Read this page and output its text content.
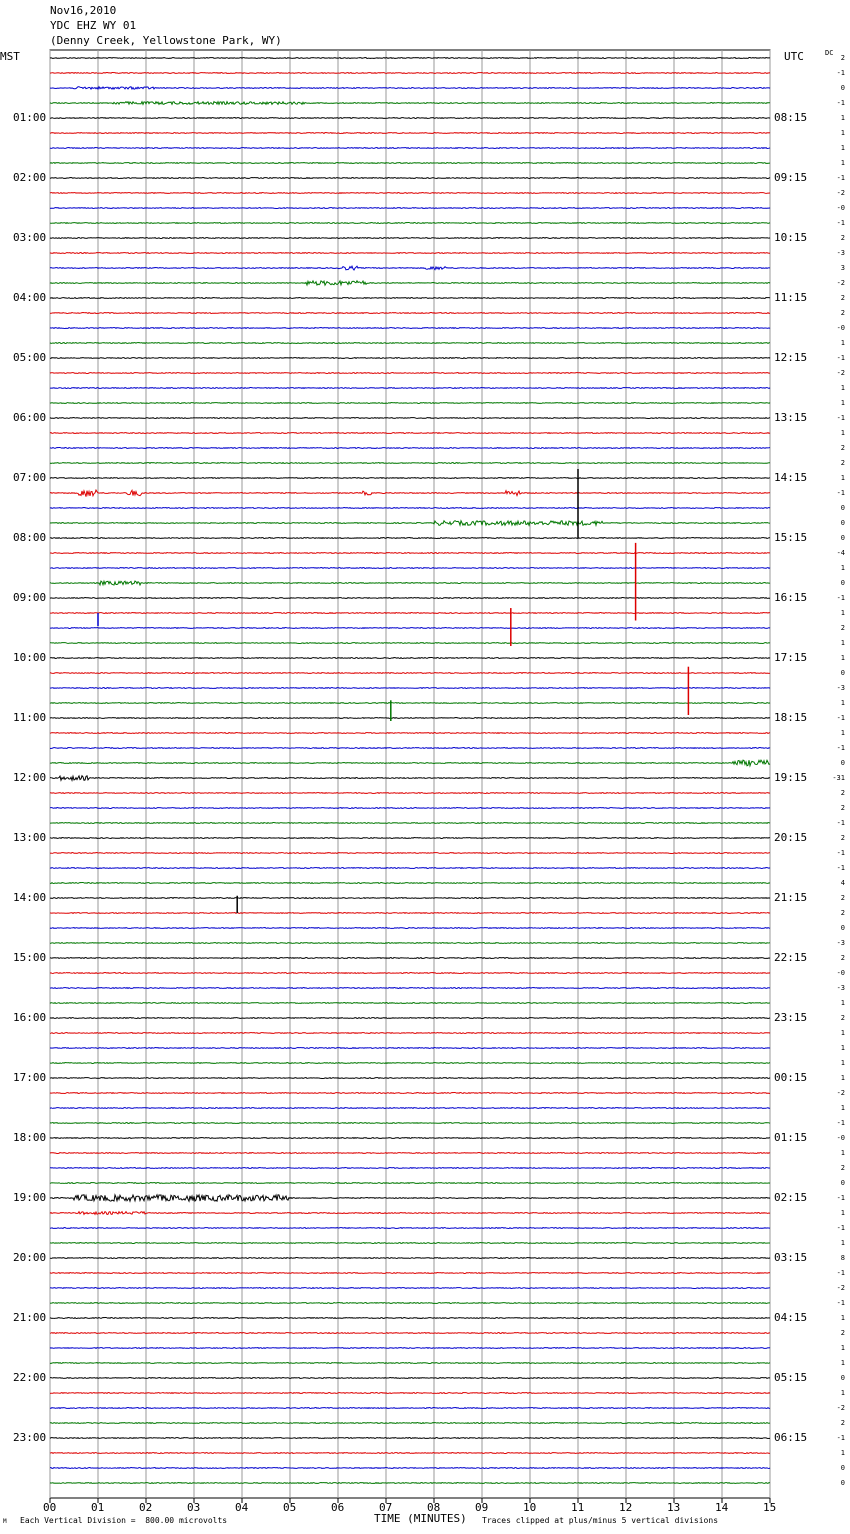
Nov16,2010
YDC EHZ WY 01
(Denny Creek, Yellowstone Park, WY)
MST	UTC	DC
01:00
02:00
03:00
04:00
05:00
06:00
07:00
08:00
09:00
10:00
11:00
12:00
13:00
14:00
15:00
16:00
17:00
18:00
19:00
20:00
21:00
22:00
23:00
08:15
09:15
10:15
11:15
12:15
13:15
14:15
15:15
16:15
17:15
18:15
19:15
20:15
21:15
22:15
23:15
00:15
01:15
02:15
03:15
04:15
05:15
06:15
2
-1
0
-1
1
1
1
1
-1
-2
-0
-1
2
-3
3
-2
2
2
-0
1
-1
-2
1
1
-1
1
2
2
1
-1
0
0
0
-4
1
0
-1
1
2
1
1
0
-3
1
-1
1
-1
0
-31
2
2
-1
2
-1
-1
4
2
2
0
-3
2
-0
-3
1
2
1
1
1
1
-2
1
-1
-0
1
2
0
-1
1
-1
1
8
-1
-2
-1
1
2
1
1
0
1
-2
2
-1
1
0
0
00	01	02	03	04	05	06	07	08	09	10	11	12	13	14	15
TIME (MINUTES)
Each Vertical Division =  800.00 microvolts	Traces clipped at plus/minus 5 vertical divisions
M
